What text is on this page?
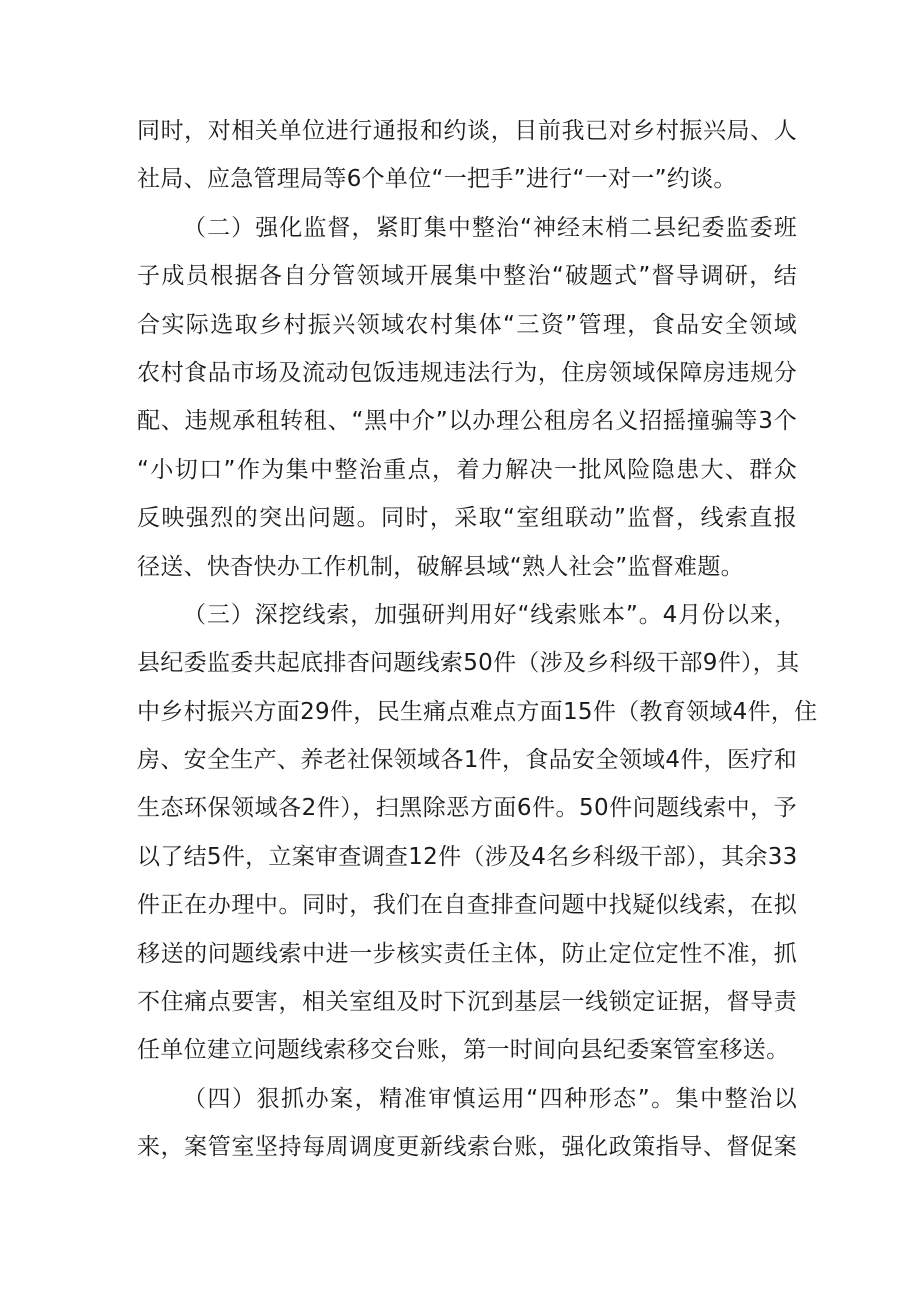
同时，对相关单位进行通报和约谈，目前我已对乡村振兴局、人
社局、应急管理局等6个单位“一把手”进行“一对一”约谈。
（二）强化监督，紧盯集中整治“神经末梢二县纪委监委班
子成员根据各自分管领域开展集中整治“破题式”督导调研，结
合实际选取乡村振兴领域农村集体“三资”管理，食品安全领域
农村食品市场及流动包饭违规违法行为，住房领域保障房违规分
配、违规承租转租、“黑中介”以办理公租房名义招摇撞骗等3个
“小切口”作为集中整治重点，着力解决一批风险隐患大、群众
反映强烈的突出问题。同时，采取“室组联动”监督，线索直报
径送、快杳快办工作机制，破解县域“熟人社会”监督难题。
（三）深挖线索，加强研判用好“线索账本”。4月份以来，
县纪委监委共起底排杳问题线索50件（涉及乡科级干部9件），其
中乡村振兴方面29件，民生痛点难点方面15件（教育领域4件，住
房、安全生产、养老社保领域各1件，食品安全领域4件，医疗和
生态环保领域各2件），扫黑除恶方面6件。50件问题线索中，予
以了结5件，立案审查调查12件（涉及4名乡科级干部），其余33
件正在办理中。同时，我们在自查排查问题中找疑似线索，在拟
移送的问题线索中进一步核实责任主体，防止定位定性不准，抓
不住痛点要害，相关室组及时下沉到基层一线锁定证据，督导责
任单位建立问题线索移交台账，第一时间向县纪委案管室移送。
（四）狠抓办案，精准审慎运用“四种形态”。集中整治以
来，案管室坚持每周调度更新线索台账，强化政策指导、督促案
